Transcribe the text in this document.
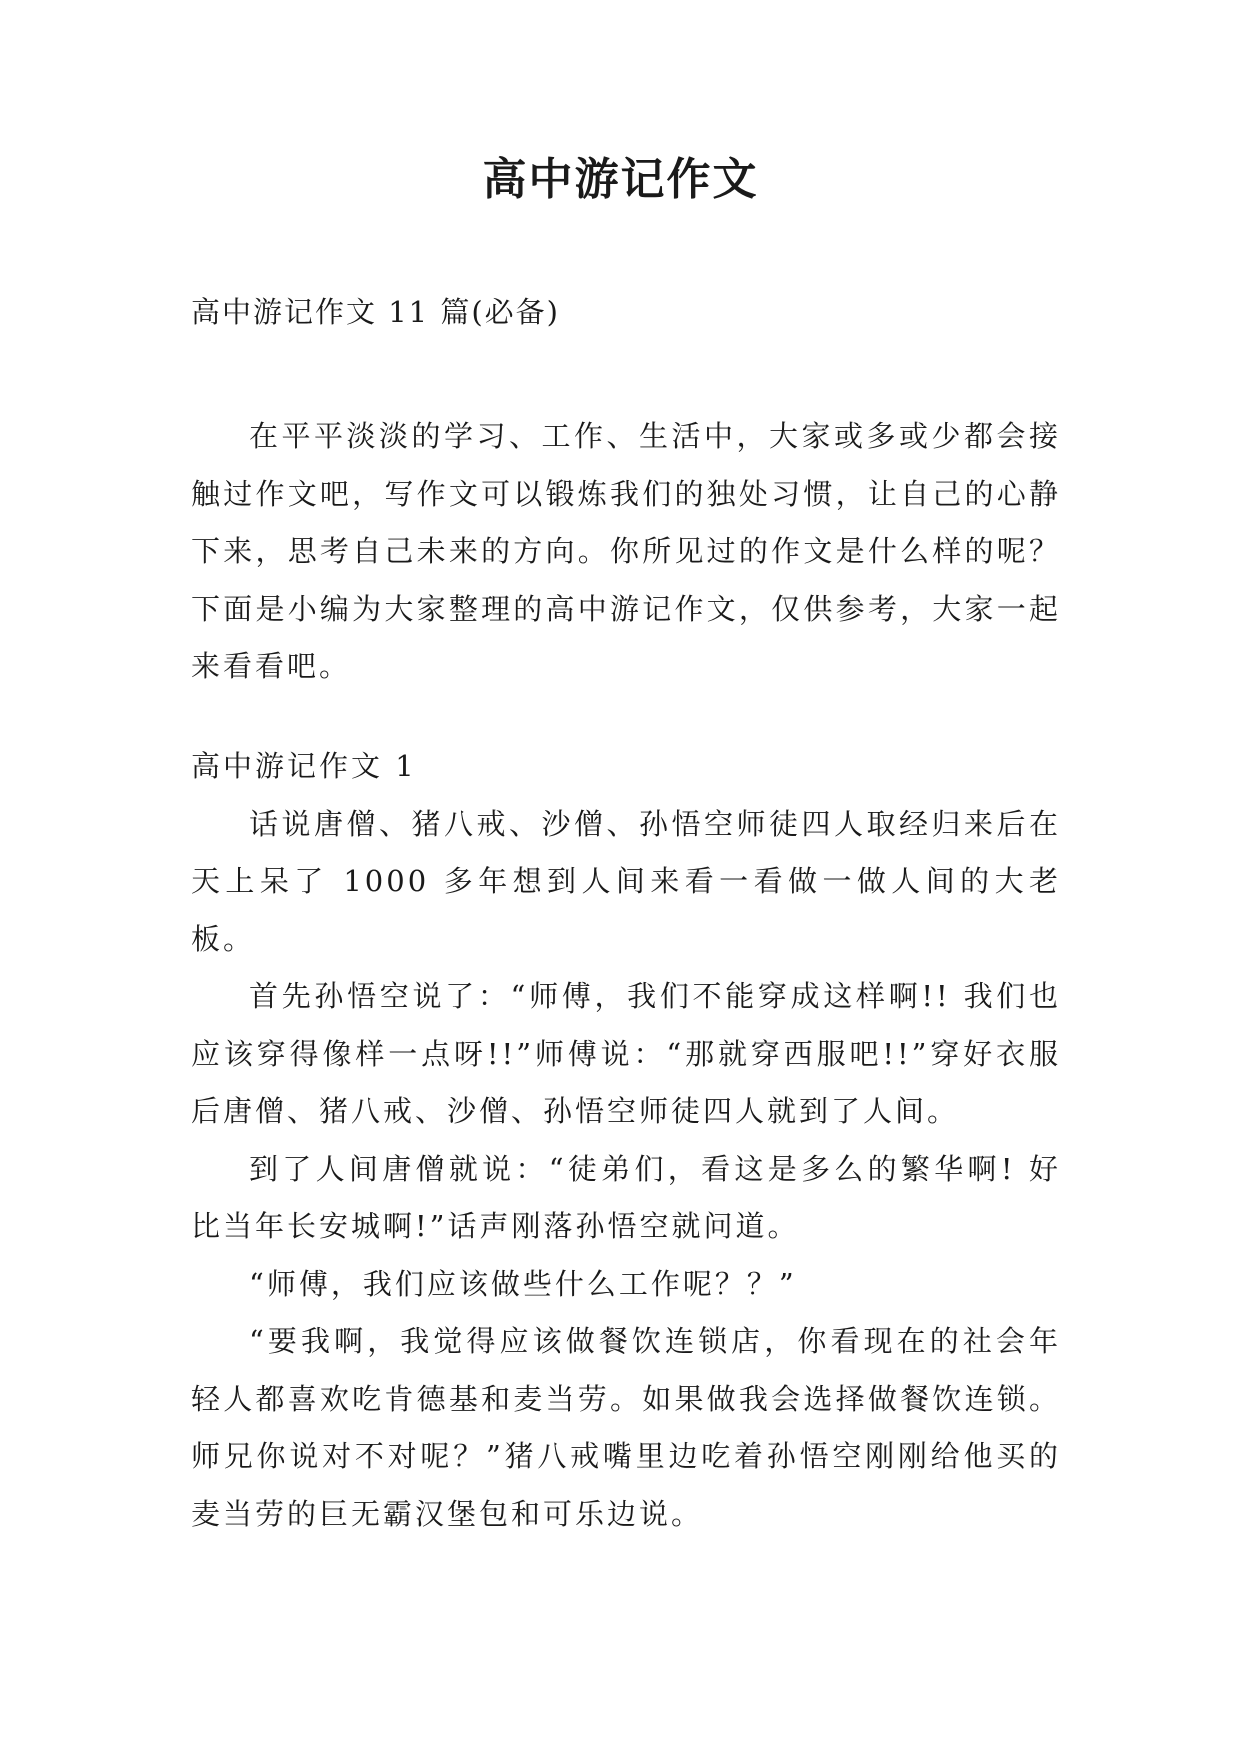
高中游记作文
高中游记作文 11 篇(必备)

在平平淡淡的学习、工作、生活中，大家或多或少都会接触过作文吧，写作文可以锻炼我们的独处习惯，让自己的心静下来，思考自己未来的方向。你所见过的作文是什么样的呢？下面是小编为大家整理的高中游记作文，仅供参考，大家一起来看看吧。

高中游记作文 1

话说唐僧、猪八戒、沙僧、孙悟空师徒四人取经归来后在天上呆了 1000 多年想到人间来看一看做一做人间的大老板。

首先孙悟空说了：“师傅，我们不能穿成这样啊!! 我们也应该穿得像样一点呀!!”师傅说：“那就穿西服吧!!”穿好衣服后唐僧、猪八戒、沙僧、孙悟空师徒四人就到了人间。

到了人间唐僧就说：“徒弟们，看这是多么的繁华啊! 好比当年长安城啊!”话声刚落孙悟空就问道。

“师傅，我们应该做些什么工作呢？？”

“要我啊，我觉得应该做餐饮连锁店，你看现在的社会年轻人都喜欢吃肯德基和麦当劳。如果做我会选择做餐饮连锁。师兄你说对不对呢？”猪八戒嘴里边吃着孙悟空刚刚给他买的麦当劳的巨无霸汉堡包和可乐边说。
